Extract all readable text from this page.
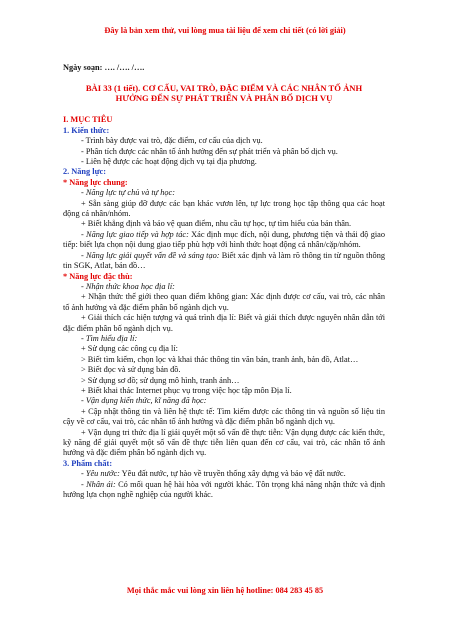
Đây là bản xem thử, vui lòng mua tài liệu để xem chi tiết (có lời giải)
Ngày soạn: …. /…. /….
BÀI 33 (1 tiết). CƠ CẤU, VAI TRÒ, ĐẶC ĐIỂM VÀ CÁC NHÂN TỐ ẢNH
HƯỞNG ĐẾN SỰ PHÁT TRIỂN VÀ PHÂN BỐ DỊCH VỤ
I. MỤC TIÊU
1. Kiến thức:
- Trình bày được vai trò, đặc điểm, cơ cấu của dịch vụ.
- Phân tích được các nhân tố ảnh hưởng đến sự phát triển và phân bố dịch vụ.
- Liên hệ được các hoạt động dịch vụ tại địa phương.
2. Năng lực:
* Năng lực chung:
- Năng lực tự chủ và tự học:
+ Sẵn sàng giúp đỡ được các bạn khác vươn lên, tự lực trong học tập thông qua các hoạt động cá nhân/nhóm.
+ Biết khẳng định và bảo vệ quan điểm, nhu cầu tự học, tự tìm hiểu của bản thân.
- Năng lực giao tiếp và hợp tác: Xác định mục đích, nội dung, phương tiện và thái độ giao tiếp: biết lựa chọn nội dung giao tiếp phù hợp với hình thức hoạt động cá nhân/cặp/nhóm.
- Năng lực giải quyết vấn đề và sáng tạo: Biết xác định và làm rõ thông tin từ nguồn thông tin SGK, Atlat, bản đồ…
* Năng lực đặc thù:
- Nhận thức khoa học địa lí:
+ Nhận thức thế giới theo quan điểm không gian: Xác định được cơ cấu, vai trò, các nhân tố ảnh hưởng và đặc điểm phân bố ngành dịch vụ.
+ Giải thích các hiện tượng và quá trình địa lí: Biết và giải thích được nguyên nhân dẫn tới đặc điểm phân bố ngành dịch vụ.
- Tìm hiểu địa lí:
+ Sử dụng các công cụ địa lí:
> Biết tìm kiếm, chọn lọc và khai thác thông tin văn bản, tranh ảnh, bản đồ, Atlat…
> Biết đọc và sử dụng bản đồ.
> Sử dụng sơ đồ; sử dụng mô hình, tranh ảnh…
+ Biết khai thác Internet phục vụ trong việc học tập môn Địa lí.
- Vận dụng kiến thức, kĩ năng đã học:
+ Cập nhật thông tin và liên hệ thực tế: Tìm kiếm được các thông tin và nguồn số liệu tin cậy về cơ cấu, vai trò, các nhân tố ảnh hưởng và đặc điểm phân bố ngành dịch vụ.
+ Vận dụng tri thức địa lí giải quyết một số vấn đề thực tiễn: Vận dụng được các kiến thức, kỹ năng để giải quyết một số vấn đề thực tiễn liên quan đến cơ cấu, vai trò, các nhân tố ảnh hưởng và đặc điểm phân bố ngành dịch vụ.
3. Phẩm chất:
- Yêu nước: Yêu đất nước, tự hào về truyền thống xây dựng và bảo vệ đất nước.
- Nhân ái: Có mối quan hệ hài hòa với người khác. Tôn trọng khả năng nhận thức và định hướng lựa chọn nghề nghiệp của người khác.
Mọi thắc mắc vui lòng xin liên hệ hotline: 084 283 45 85
